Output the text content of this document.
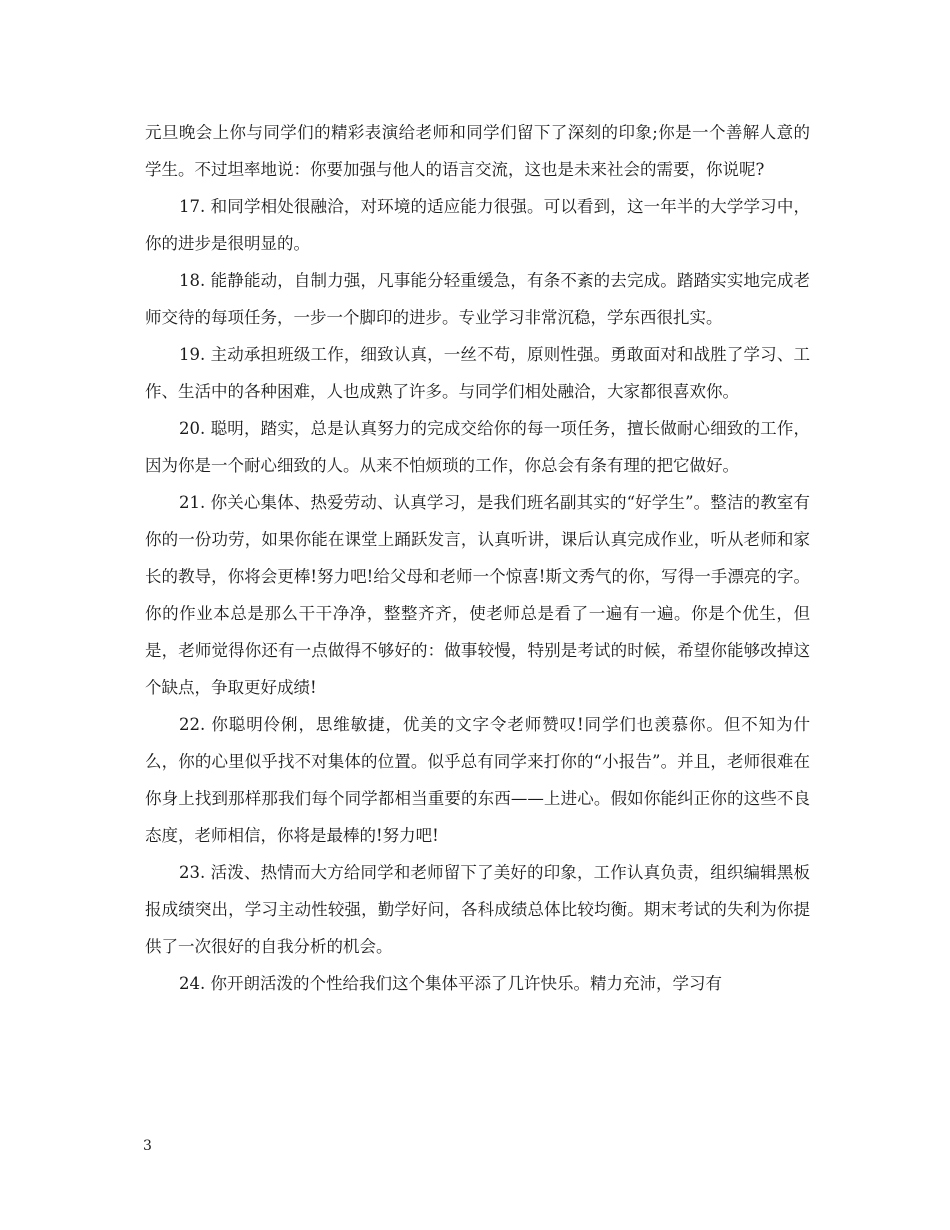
元旦晚会上你与同学们的精彩表演给老师和同学们留下了深刻的印象;你是一个善解人意的学生。不过坦率地说：你要加强与他人的语言交流，这也是未来社会的需要，你说呢?

17. 和同学相处很融洽，对环境的适应能力很强。可以看到，这一年半的大学学习中，你的进步是很明显的。

18. 能静能动，自制力强，凡事能分轻重缓急，有条不紊的去完成。踏踏实实地完成老师交待的每项任务，一步一个脚印的进步。专业学习非常沉稳，学东西很扎实。

19. 主动承担班级工作，细致认真，一丝不苟，原则性强。勇敢面对和战胜了学习、工作、生活中的各种困难，人也成熟了许多。与同学们相处融洽，大家都很喜欢你。

20. 聪明，踏实，总是认真努力的完成交给你的每一项任务，擅长做耐心细致的工作，因为你是一个耐心细致的人。从来不怕烦琐的工作，你总会有条有理的把它做好。

21. 你关心集体、热爱劳动、认真学习，是我们班名副其实的“好学生”。整洁的教室有你的一份功劳，如果你能在课堂上踊跃发言，认真听讲，课后认真完成作业，听从老师和家长的教导，你将会更棒!努力吧!给父母和老师一个惊喜!斯文秀气的你，写得一手漂亮的字。你的作业本总是那么干干净净，整整齐齐，使老师总是看了一遍有一遍。你是个优生，但是，老师觉得你还有一点做得不够好的：做事较慢，特别是考试的时候，希望你能够改掉这个缺点，争取更好成绩!

22. 你聪明伶俐，思维敏捷，优美的文字令老师赞叹!同学们也羡慕你。但不知为什么，你的心里似乎找不对集体的位置。似乎总有同学来打你的“小报告”。并且，老师很难在你身上找到那样那我们每个同学都相当重要的东西——上进心。假如你能纠正你的这些不良态度，老师相信，你将是最棒的!努力吧!

23. 活泼、热情而大方给同学和老师留下了美好的印象，工作认真负责，组织编辑黑板报成绩突出，学习主动性较强，勤学好问，各科成绩总体比较均衡。期末考试的失利为你提供了一次很好的自我分析的机会。

24. 你开朗活泼的个性给我们这个集体平添了几许快乐。精力充沛，学习有

3
